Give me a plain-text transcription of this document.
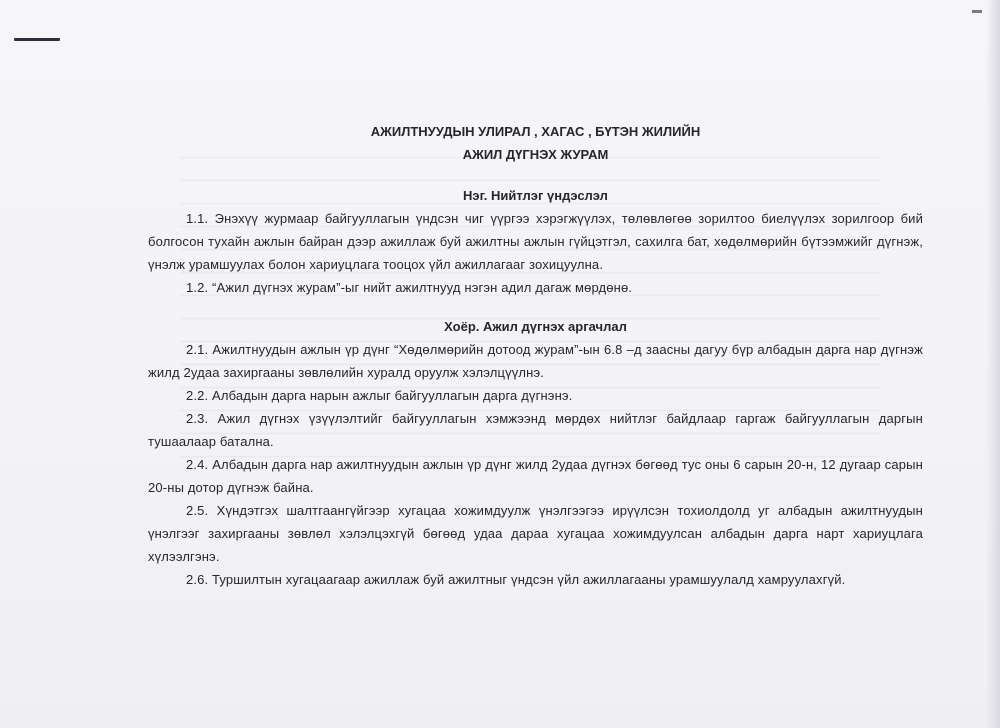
АЖИЛТНУУДЫН УЛИРАЛ , ХАГАС , БҮТЭН ЖИЛИЙН

АЖИЛ ДҮГНЭХ ЖУРАМ

Нэг. Нийтлэг үндэслэл

1.1. Энэхүү журмаар байгууллагын үндсэн чиг үүргээ хэрэгжүүлэх, төлөвлөгөө зорилтоо биелүүлэх зорилгоор бий болгосон тухайн ажлын байран дээр ажиллаж буй ажилтны ажлын гүйцэтгэл, сахилга бат, хөдөлмөрийн бүтээмжийг дүгнэж, үнэлж урамшуулах болон хариуцлага тооцох үйл ажиллагааг зохицуулна.

1.2. “Ажил дүгнэх журам”-ыг нийт ажилтнууд нэгэн адил дагаж мөрдөнө.

Хоёр. Ажил дүгнэх аргачлал

2.1. Ажилтнуудын ажлын үр дүнг “Хөдөлмөрийн дотоод журам”-ын 6.8 –д заасны дагуу бүр албадын дарга нар дүгнэж жилд 2удаа захиргааны зөвлөлийн хуралд оруулж хэлэлцүүлнэ.

2.2. Албадын дарга нарын ажлыг байгууллагын дарга дүгнэнэ.

2.3. Ажил дүгнэх үзүүлэлтийг байгууллагын хэмжээнд мөрдөх нийтлэг байдлаар гаргаж байгууллагын даргын тушаалаар батална.

2.4. Албадын дарга нар ажилтнуудын ажлын үр дүнг жилд 2удаа дүгнэх бөгөөд тус оны 6 сарын 20-н, 12 дугаар сарын 20-ны дотор дүгнэж байна.

2.5. Хүндэтгэх шалтгаангүйгээр хугацаа хожимдуулж үнэлгээгээ ирүүлсэн тохиолдолд уг албадын ажилтнуудын үнэлгээг захиргааны зөвлөл хэлэлцэхгүй бөгөөд удаа дараа хугацаа хожимдуулсан албадын дарга нарт хариуцлага хүлээлгэнэ.

2.6. Туршилтын хугацаагаар ажиллаж буй ажилтныг үндсэн үйл ажиллагааны урамшуулалд хамруулахгүй.
